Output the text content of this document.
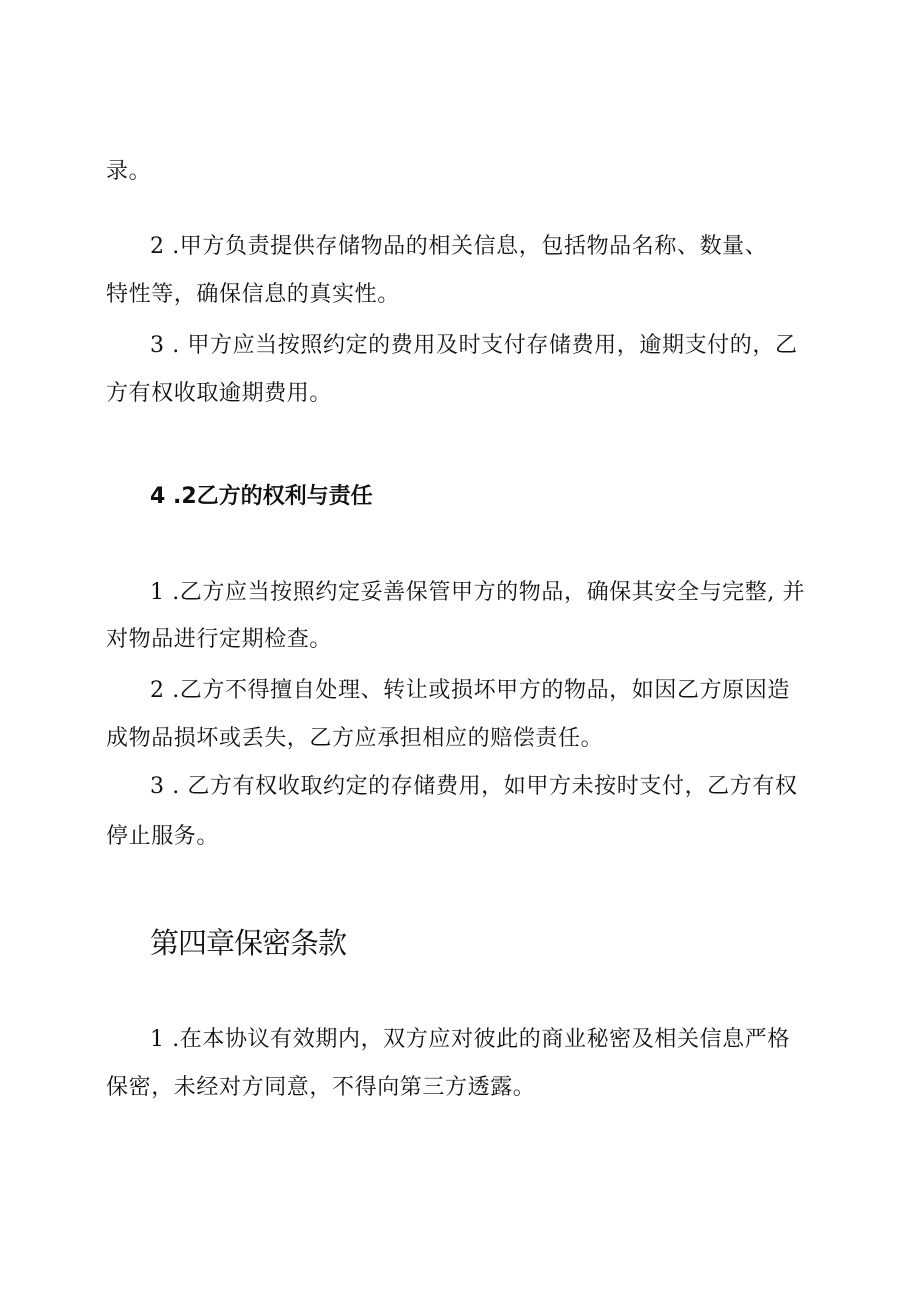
录。
2 .甲方负责提供存储物品的相关信息，包括物品名称、数量、
特性等，确保信息的真实性。
3 . 甲方应当按照约定的费用及时支付存储费用，逾期支付的，乙
方有权收取逾期费用。
4 .2乙方的权利与责任
1 .乙方应当按照约定妥善保管甲方的物品，确保其安全与完整, 并
对物品进行定期检查。
2 .乙方不得擅自处理、转让或损坏甲方的物品，如因乙方原因造
成物品损坏或丢失，乙方应承担相应的赔偿责任。
3 . 乙方有权收取约定的存储费用，如甲方未按时支付，乙方有权
停止服务。
第四章保密条款
1 .在本协议有效期内，双方应对彼此的商业秘密及相关信息严格
保密，未经对方同意，不得向第三方透露。
